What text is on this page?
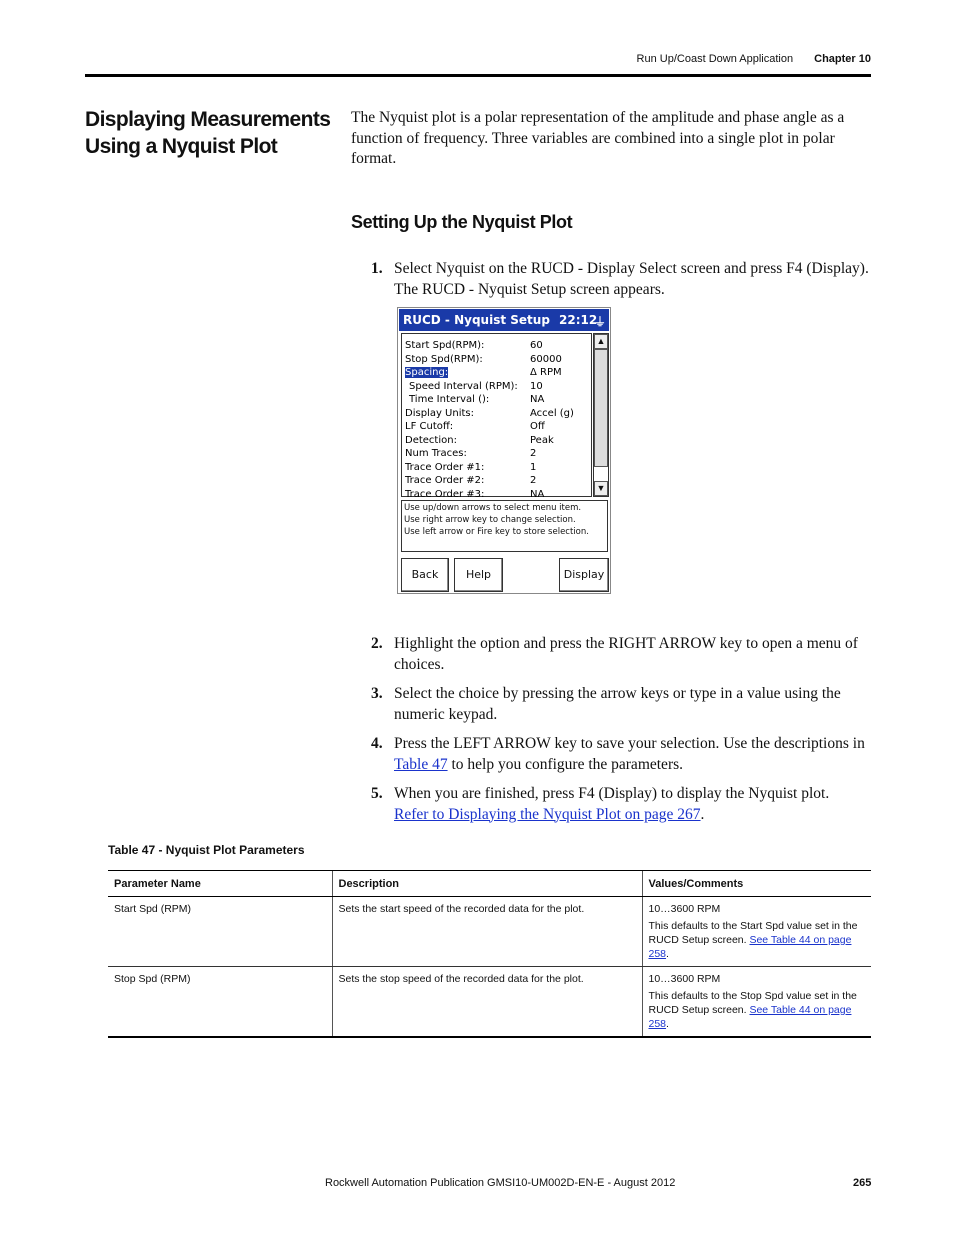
Run Up/Coast Down Application Chapter 10
Displaying Measurements Using a Nyquist Plot
The Nyquist plot is a polar representation of the amplitude and phase angle as a function of frequency. Three variables are combined into a single plot in polar format.
Setting Up the Nyquist Plot
1. Select Nyquist on the RUCD - Display Select screen and press F4 (Display). The RUCD - Nyquist Setup screen appears.
RUCD - Nyquist Setup 22:12
⏚
Start Spd(RPM):	60
Stop Spd(RPM):	60000
Spacing:	Δ RPM
Speed Interval (RPM): 10
Time Interval ():	NA
Display Units:	Accel (g)
LF Cutoff:	Off
Detection:	Peak
Num Traces:	2
Trace Order #1:	1
Trace Order #2:	2
Trace Order #3:	NA
▲
▼
Use up/down arrows to select menu item.
Use right arrow key to change selection.
Use left arrow or Fire key to store selection.
Back	Help	Display
2. Highlight the option and press the RIGHT ARROW key to open a menu of choices.
3. Select the choice by pressing the arrow keys or type in a value using the numeric keypad.
4. Press the LEFT ARROW key to save your selection. Use the descriptions in Table 47 to help you configure the parameters.
5. When you are finished, press F4 (Display) to display the Nyquist plot.
Refer to Displaying the Nyquist Plot on page 267.
Table 47 - Nyquist Plot Parameters
Parameter Name	Description	Values/Comments
Start Spd (RPM)	Sets the start speed of the recorded data for the plot.	10…3600 RPM
This defaults to the Start Spd value set in the RUCD Setup screen. See Table 44 on page 258.
Stop Spd (RPM)	Sets the stop speed of the recorded data for the plot.	10…3600 RPM
This defaults to the Stop Spd value set in the RUCD Setup screen. See Table 44 on page 258.
Rockwell Automation Publication GMSI10-UM002D-EN-E - August 2012	265
